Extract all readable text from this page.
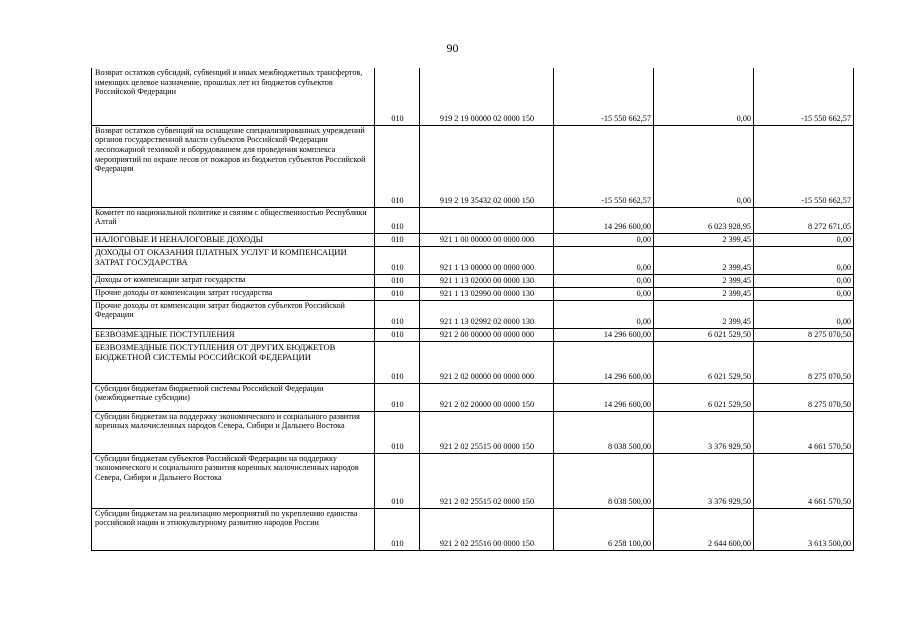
90
Возврат остатков субсидий, субвенций и иных межбюджетных трансфертов, имеющих целевое назначение, прошлых лет из бюджетов субъектов Российской Федерации	010	919 2 19 00000 02 0000 150	-15 550 662,57	0,00	-15 550 662,57
Возврат остатков субвенций на оснащение специализированных учреждений органов государственной власти субъектов Российской Федерации лесопожарной техникой и оборудованием для проведения комплекса мероприятий по охране лесов от пожаров из бюджетов субъектов Российской Федерации	010	919 2 19 35432 02 0000 150	-15 550 662,57	0,00	-15 550 662,57
Комитет по национальной политике и связям с общественностью Республики Алтай	010		14 296 600,00	6 023 928,95	8 272 671,05
НАЛОГОВЫЕ И НЕНАЛОГОВЫЕ ДОХОДЫ	010	921 1 00 00000 00 0000 000	0,00	2 399,45	0,00
ДОХОДЫ ОТ ОКАЗАНИЯ ПЛАТНЫХ УСЛУГ И КОМПЕНСАЦИИ ЗАТРАТ ГОСУДАРСТВА	010	921 1 13 00000 00 0000 000	0,00	2 399,45	0,00
Доходы от компенсации затрат государства	010	921 1 13 02000 00 0000 130	0,00	2 399,45	0,00
Прочие доходы от компенсации затрат государства	010	921 1 13 02990 00 0000 130	0,00	2 399,45	0,00
Прочие доходы от компенсации затрат бюджетов субъектов Российской Федерации	010	921 1 13 02992 02 0000 130	0,00	2 399,45	0,00
БЕЗВОЗМЕЗДНЫЕ ПОСТУПЛЕНИЯ	010	921 2 00 00000 00 0000 000	14 296 600,00	6 021 529,50	8 275 070,50
БЕЗВОЗМЕЗДНЫЕ ПОСТУПЛЕНИЯ ОТ ДРУГИХ БЮДЖЕТОВ БЮДЖЕТНОЙ СИСТЕМЫ РОССИЙСКОЙ ФЕДЕРАЦИИ	010	921 2 02 00000 00 0000 000	14 296 600,00	6 021 529,50	8 275 070,50
Субсидии бюджетам бюджетной системы Российской Федерации (межбюджетные субсидии)	010	921 2 02 20000 00 0000 150	14 296 600,00	6 021 529,50	8 275 070,50
Субсидии бюджетам на поддержку экономического и социального развития коренных малочисленных народов Севера, Сибири и Дальнего Востока	010	921 2 02 25515 00 0000 150	8 038 500,00	3 376 929,50	4 661 570,50
Субсидии бюджетам субъектов Российской Федерации на поддержку экономического и социального развития коренных малочисленных народов Севера, Сибири и Дальнего Востока	010	921 2 02 25515 02 0000 150	8 038 500,00	3 376 929,50	4 661 570,50
Субсидии бюджетам на реализацию мероприятий по укреплению единства российской нации и этнокультурному развитию народов России	010	921 2 02 25516 00 0000 150	6 258 100,00	2 644 600,00	3 613 500,00
